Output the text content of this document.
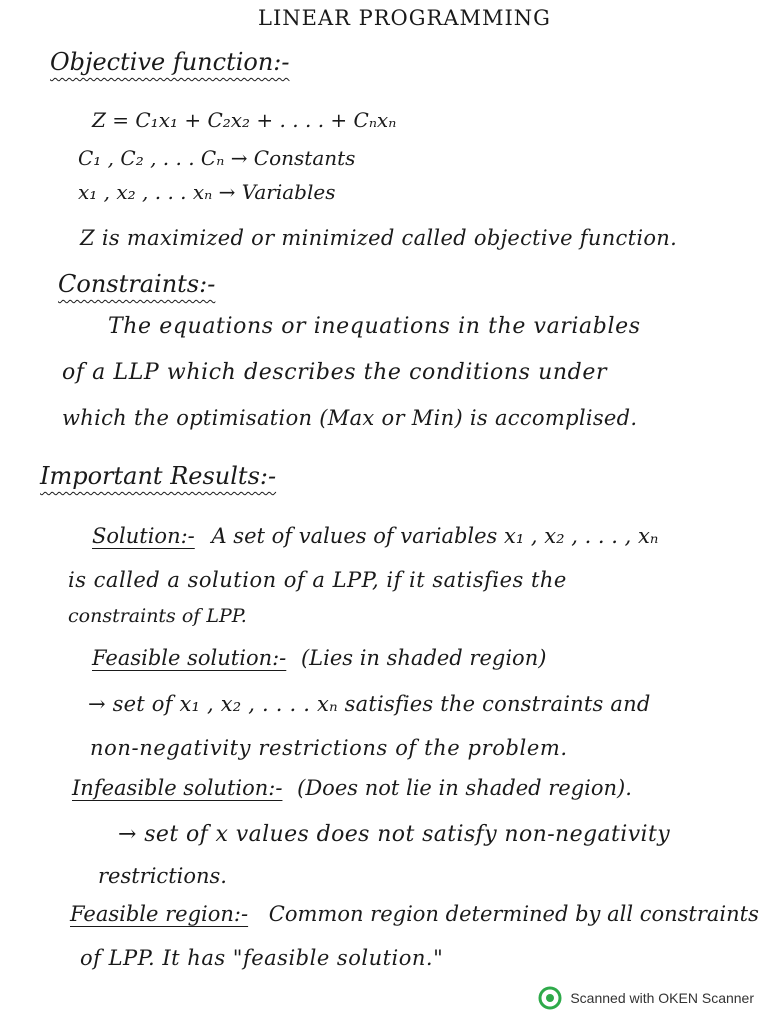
LINEAR PROGRAMMING
Objective function:-
Z = C₁x₁ + C₂x₂ + . . . . + Cₙxₙ
C₁ , C₂ , . . . Cₙ → Constants
x₁ , x₂ , . . . xₙ → Variables
Z is maximized or minimized called objective function.
Constraints:-
The equations or inequations in the variables
of a LLP which describes the conditions under
which the optimisation (Max or Min) is accomplised.
Important Results:-
Solution:- A set of values of variables x₁ , x₂ , . . . , xₙ
is called a solution of a LPP, if it satisfies the
constraints of LPP.
Feasible solution:- (Lies in shaded region)
→ set of x₁ , x₂ , . . . . xₙ satisfies the constraints and
non-negativity restrictions of the problem.
Infeasible solution:- (Does not lie in shaded region).
→ set of x values does not satisfy non-negativity
restrictions.
Feasible region:- Common region determined by all constraints
of LPP. It has "feasible solution."
Scanned with OKEN Scanner
